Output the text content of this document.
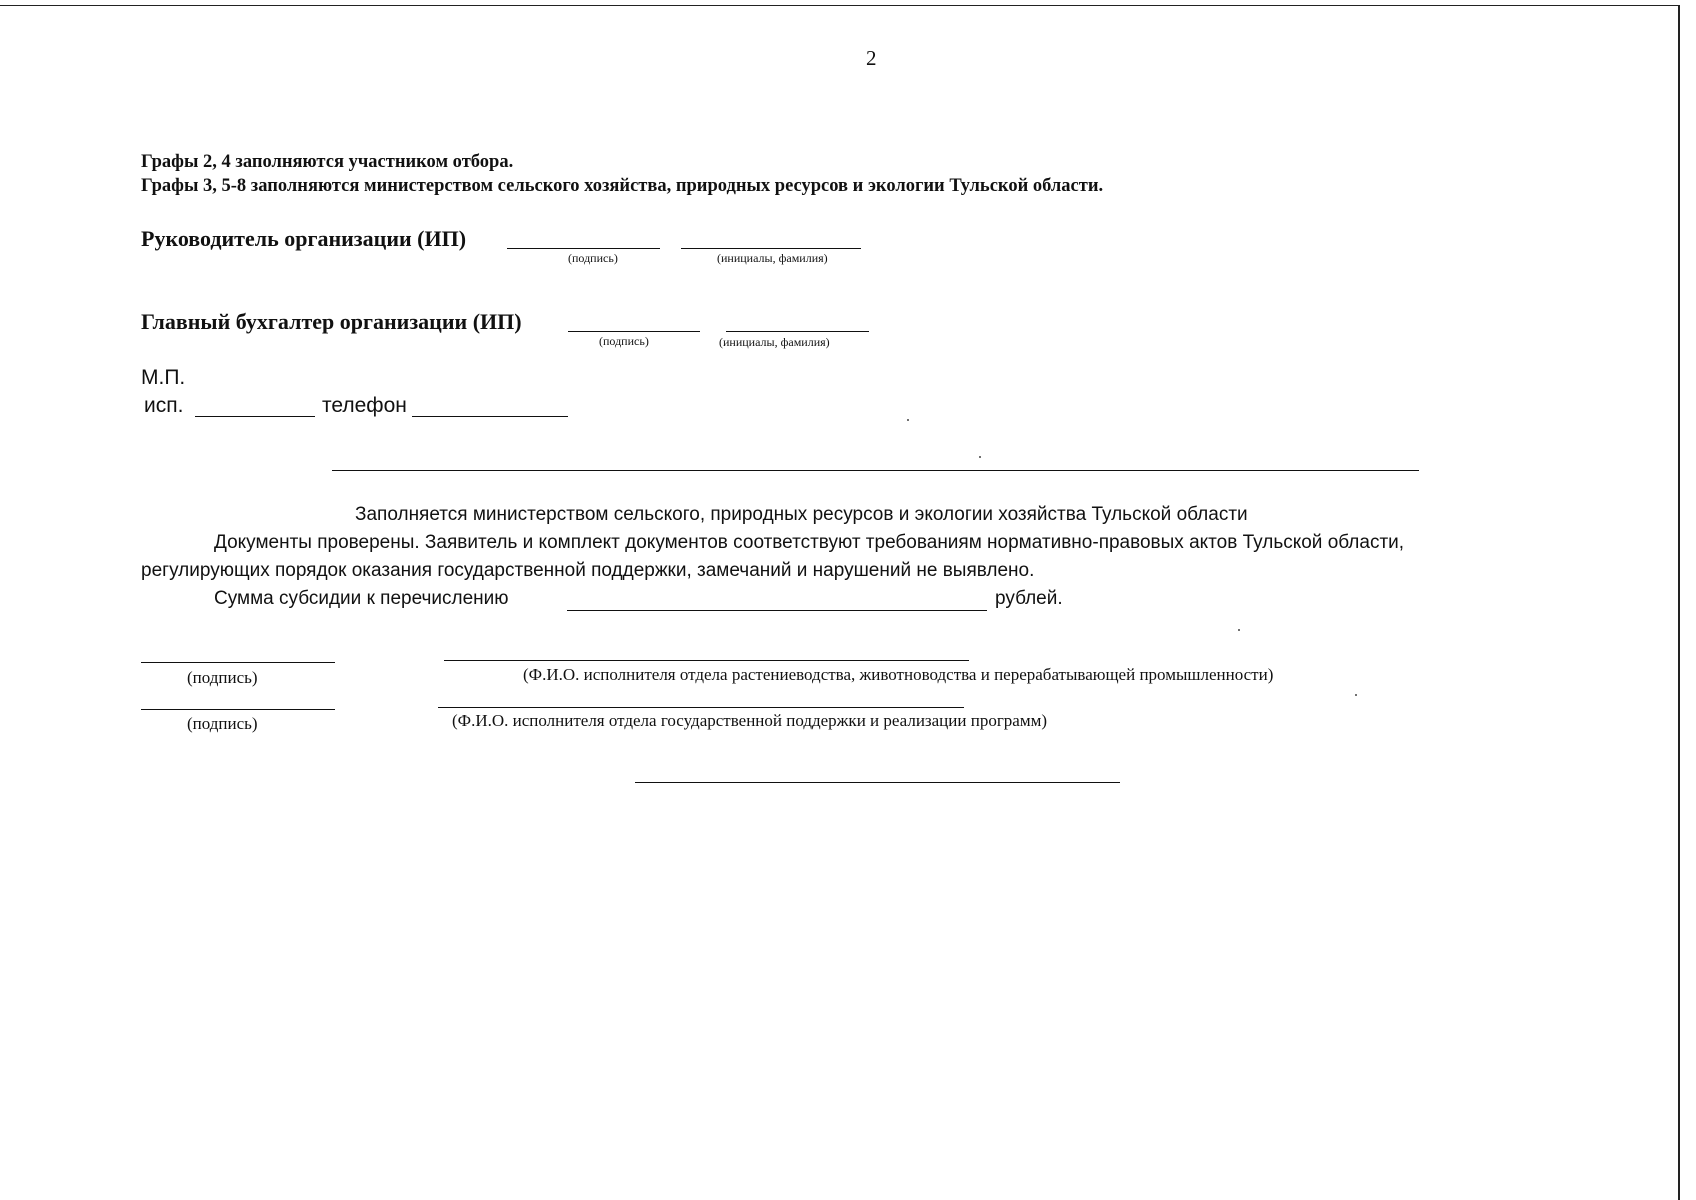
2
Графы 2, 4 заполняются участником отбора.
Графы 3, 5-8 заполняются министерством сельского хозяйства, природных ресурсов и экологии Тульской области.
Руководитель организации (ИП)
(подпись)	(инициалы, фамилия)
Главный бухгалтер организации (ИП)
(подпись)	(инициалы, фамилия)
М.П.
исп.	телефон
Заполняется министерством сельского, природных ресурсов и экологии хозяйства Тульской области
Документы проверены. Заявитель и комплект документов соответствуют требованиям нормативно-правовых актов Тульской области,
регулирующих порядок оказания государственной поддержки, замечаний и нарушений не выявлено.
Сумма субсидии к перечислению	рублей.
(подпись)	(Ф.И.О. исполнителя отдела растениеводства, животноводства и перерабатывающей промышленности)
(подпись)	(Ф.И.О. исполнителя отдела государственной поддержки и реализации программ)
